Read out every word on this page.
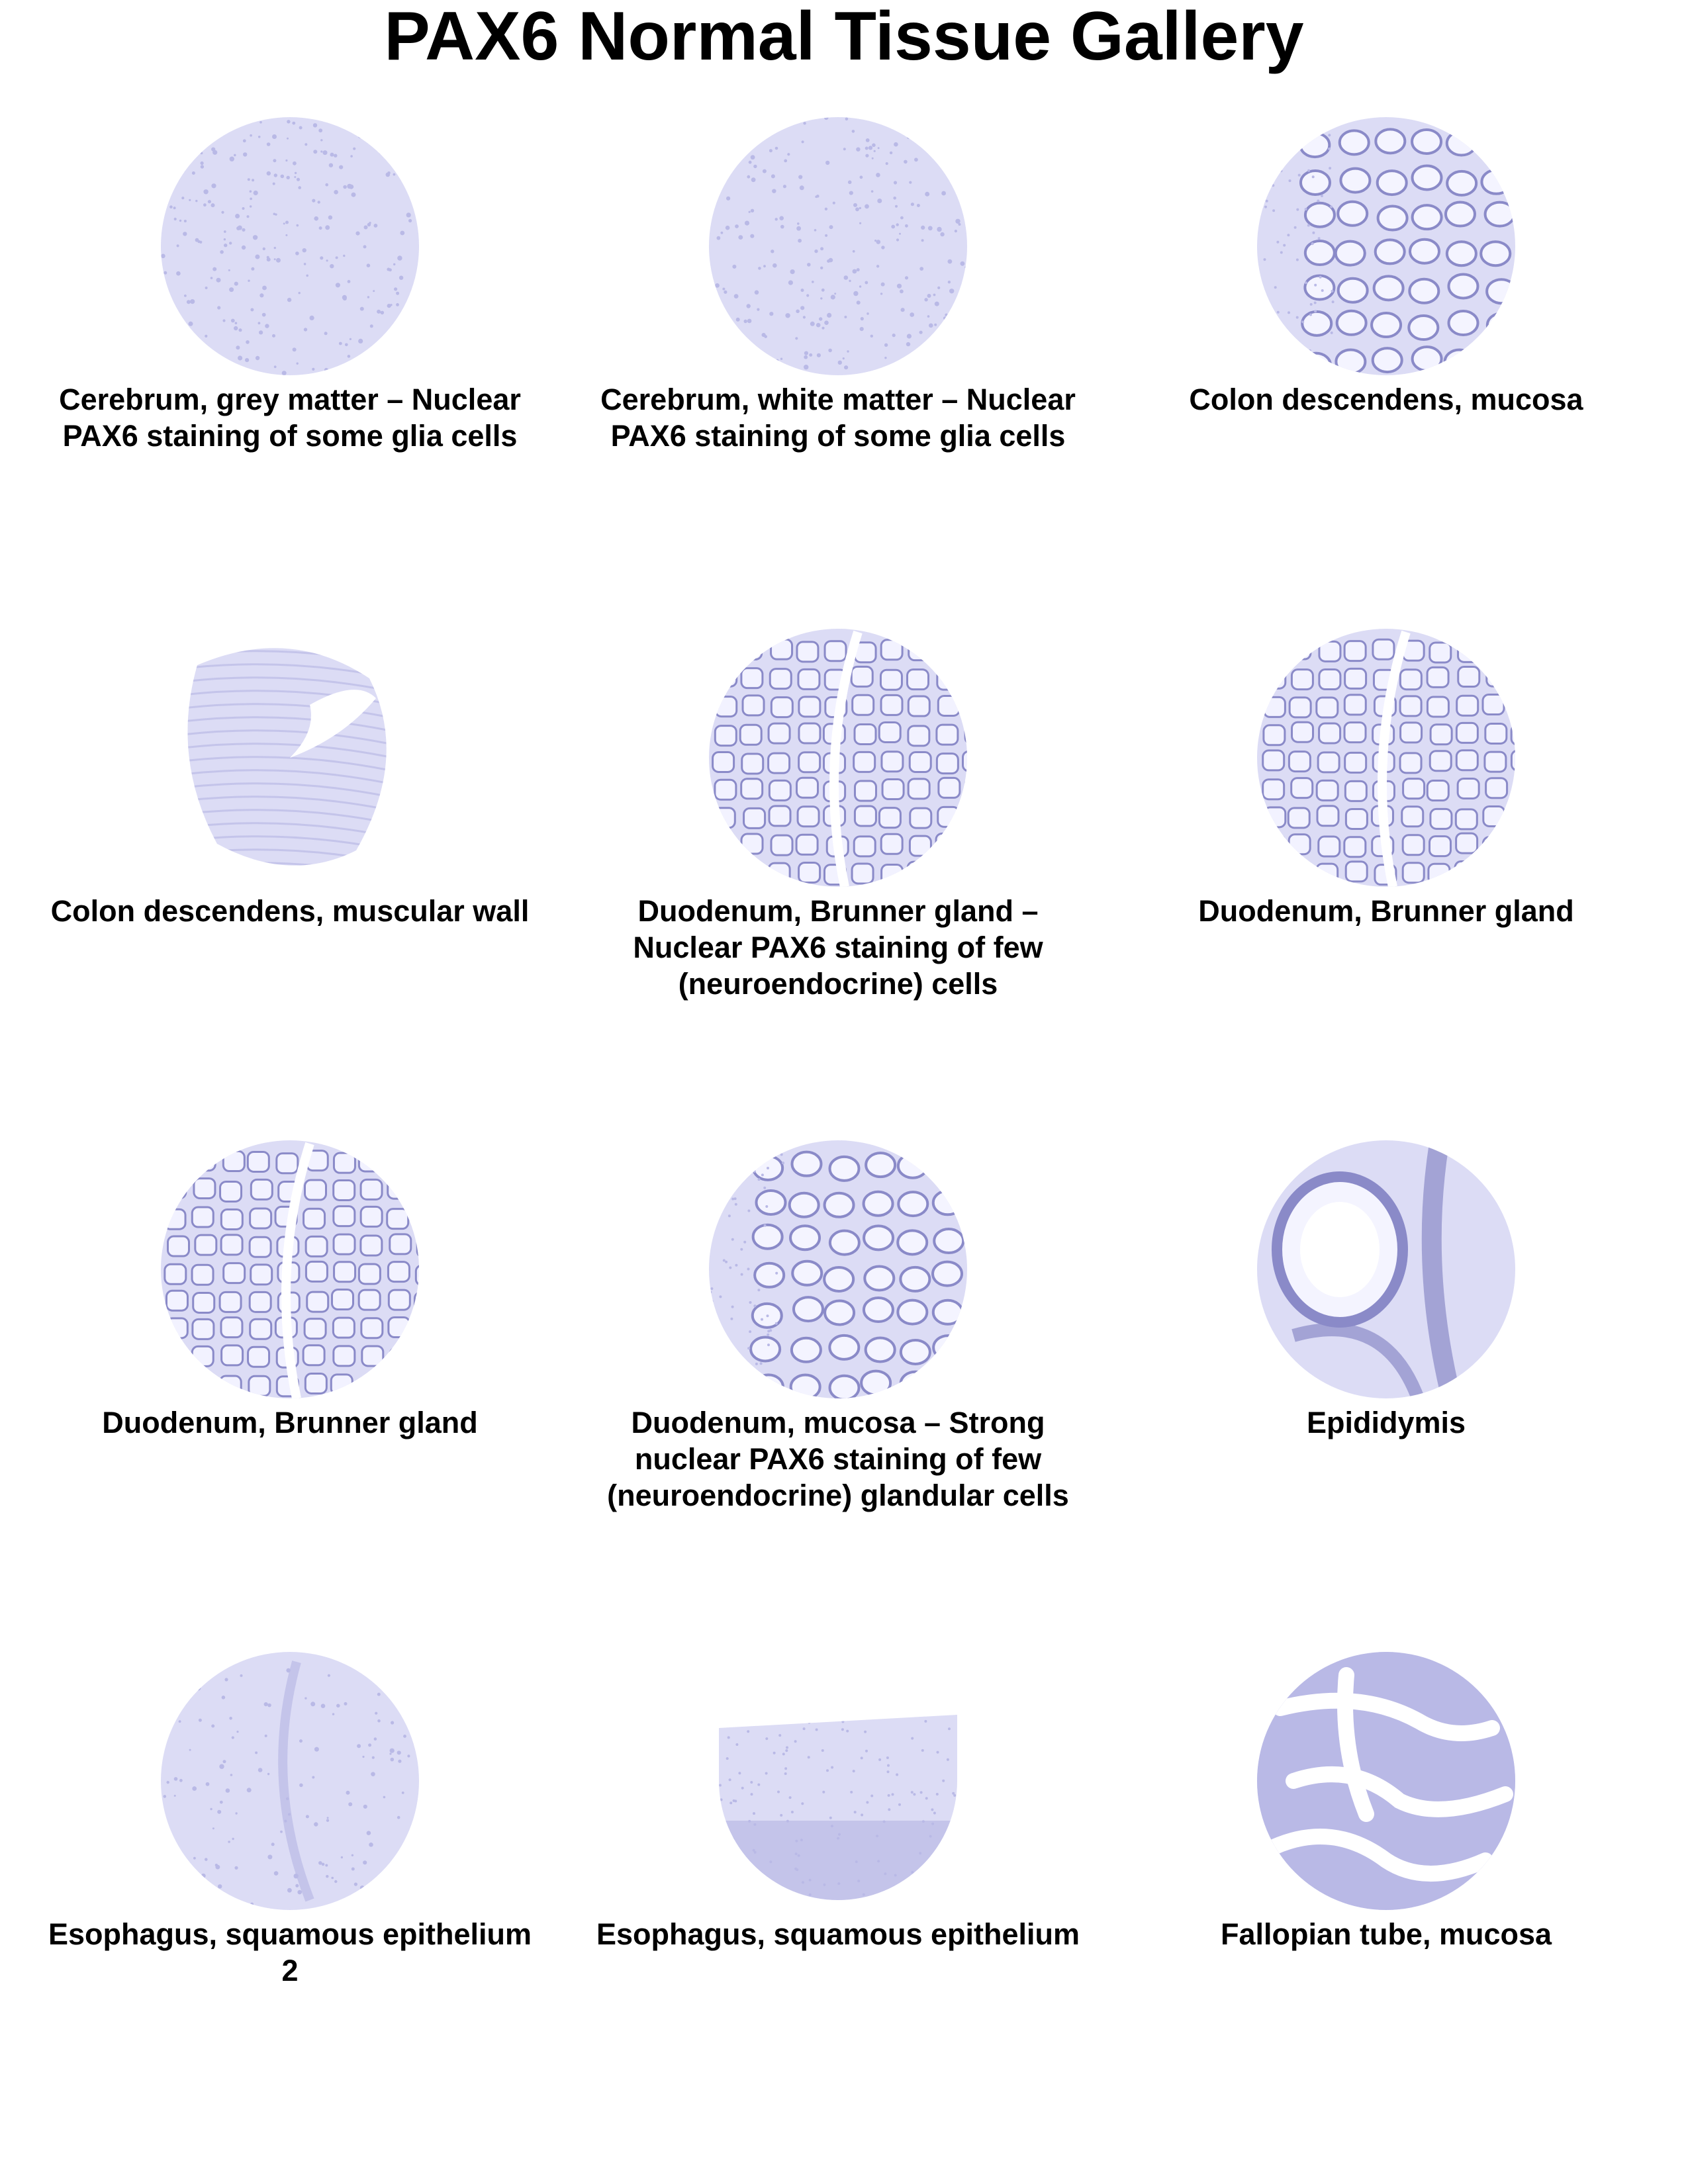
PAX6 Normal Tissue Gallery
Cerebrum, grey matter – Nuclear PAX6 staining of some glia cells
Cerebrum, white matter – Nuclear PAX6 staining of some glia cells
Colon descendens, mucosa
Colon descendens, muscular wall	Duodenum, Brunner gland – Nuclear PAX6 staining of few (neuroendocrine) cells
Duodenum, Brunner gland
Duodenum, Brunner gland	Duodenum, mucosa – Strong nuclear PAX6 staining of few (neuroendocrine) glandular cells
Epididymis
Esophagus, squamous epithelium 2
Esophagus, squamous epithelium	Fallopian tube, mucosa
